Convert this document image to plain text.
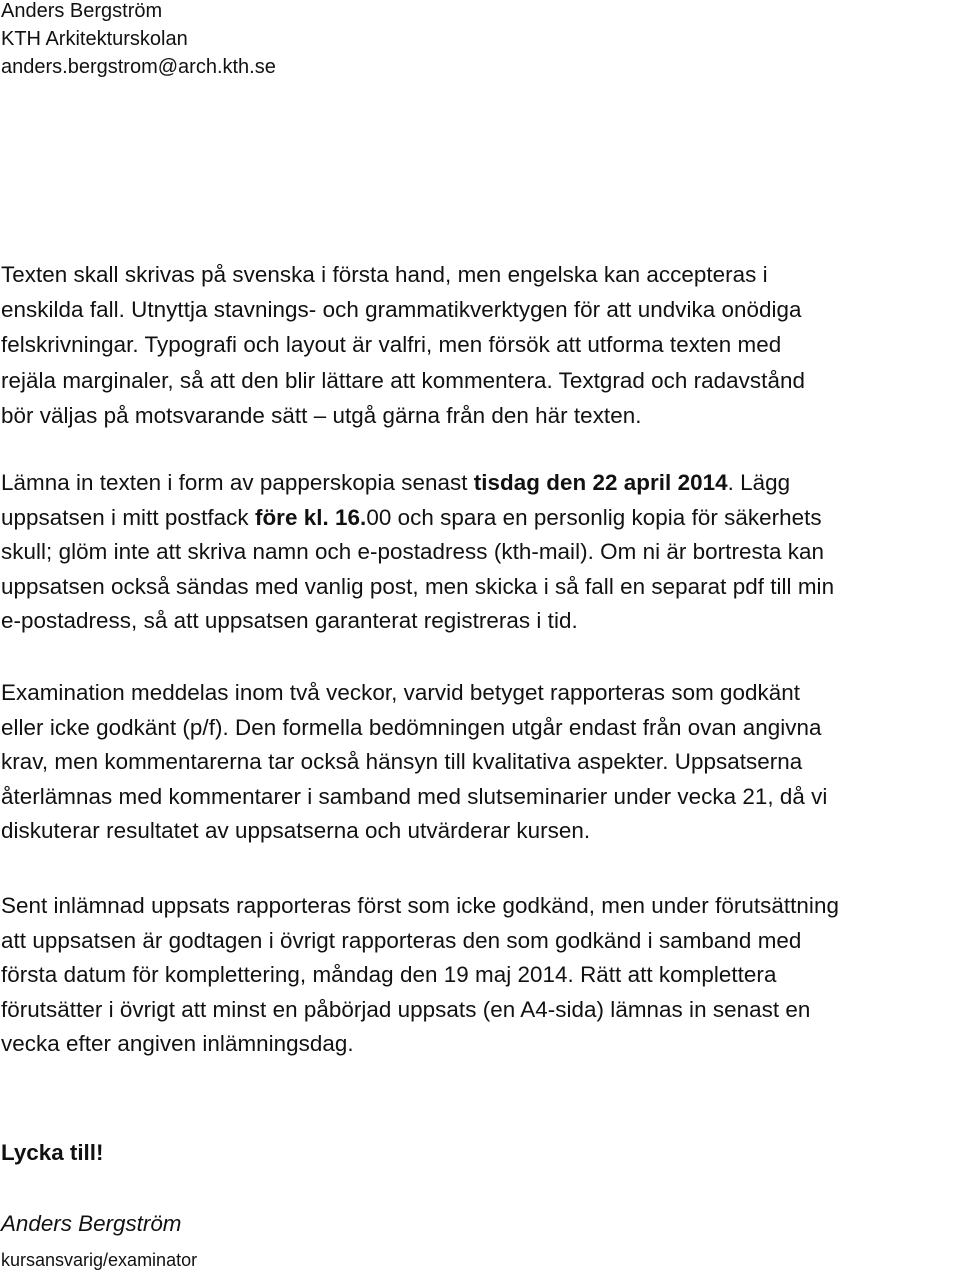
Anders Bergström
KTH Arkitekturskolan
anders.bergstrom@arch.kth.se
Texten skall skrivas på svenska i första hand, men engelska kan accepteras i
enskilda fall. Utnyttja stavnings- och grammatikverktygen för att undvika onödiga
felskrivningar. Typografi och layout är valfri, men försök att utforma texten med
rejäla marginaler, så att den blir lättare att kommentera. Textgrad och radavstånd
bör väljas på motsvarande sätt – utgå gärna från den här texten.
Lämna in texten i form av papperskopia senast tisdag den 22 april 2014. Lägg
uppsatsen i mitt postfack före kl. 16.00 och spara en personlig kopia för säkerhets
skull; glöm inte att skriva namn och e-postadress (kth-mail). Om ni är bortresta kan
uppsatsen också sändas med vanlig post, men skicka i så fall en separat pdf till min
e-postadress, så att uppsatsen garanterat registreras i tid.
Examination meddelas inom två veckor, varvid betyget rapporteras som godkänt
eller icke godkänt (p/f). Den formella bedömningen utgår endast från ovan angivna
krav, men kommentarerna tar också hänsyn till kvalitativa aspekter. Uppsatserna
återlämnas med kommentarer i samband med slutseminarier under vecka 21, då vi
diskuterar resultatet av uppsatserna och utvärderar kursen.
Sent inlämnad uppsats rapporteras först som icke godkänd, men under förutsättning
att uppsatsen är godtagen i övrigt rapporteras den som godkänd i samband med
första datum för komplettering, måndag den 19 maj 2014. Rätt att komplettera
förutsätter i övrigt att minst en påbörjad uppsats (en A4-sida) lämnas in senast en
vecka efter angiven inlämningsdag.
Lycka till!
Anders Bergström
kursansvarig/examinator
